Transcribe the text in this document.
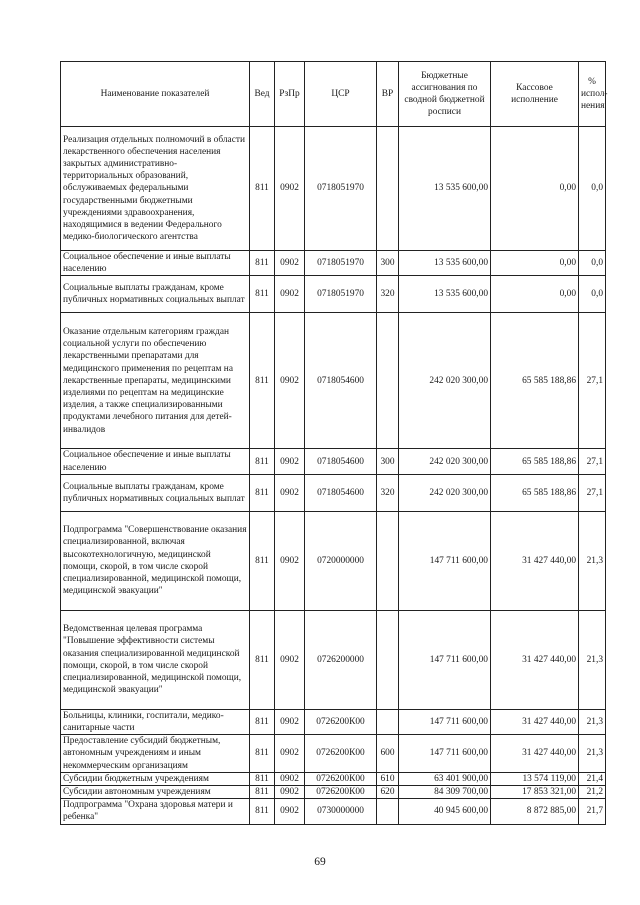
Наименование показателей	Вед	РзПр	ЦСР	ВР	Бюджетные ассигнования по сводной бюджетной росписи	Кассовое исполнение	% испол-нения
Реализация отдельных полномочий в области лекарственного обеспечения населения закрытых административно-территориальных образований, обслуживаемых федеральными государственными бюджетными учреждениями здравоохранения, находящимися в ведении Федерального медико-биологического агентства	811	0902	0718051970		13 535 600,00	0,00	0,0
Социальное обеспечение и иные выплаты населению	811	0902	0718051970	300	13 535 600,00	0,00	0,0
Социальные выплаты гражданам, кроме публичных нормативных социальных выплат	811	0902	0718051970	320	13 535 600,00	0,00	0,0
Оказание отдельным категориям граждан социальной услуги по обеспечению лекарственными препаратами для медицинского применения по рецептам на лекарственные препараты, медицинскими изделиями по рецептам на медицинские изделия, а также специализированными продуктами лечебного питания для детей-инвалидов	811	0902	0718054600		242 020 300,00	65 585 188,86	27,1
Социальное обеспечение и иные выплаты населению	811	0902	0718054600	300	242 020 300,00	65 585 188,86	27,1
Социальные выплаты гражданам, кроме публичных нормативных социальных выплат	811	0902	0718054600	320	242 020 300,00	65 585 188,86	27,1
Подпрограмма "Совершенствование оказания специализированной, включая высокотехнологичную, медицинской помощи, скорой, в том числе скорой специализированной, медицинской помощи, медицинской эвакуации"	811	0902	0720000000		147 711 600,00	31 427 440,00	21,3
Ведомственная целевая программа "Повышение эффективности системы оказания специализированной медицинской помощи, скорой, в том числе скорой специализированной, медицинской помощи, медицинской эвакуации"	811	0902	0726200000		147 711 600,00	31 427 440,00	21,3
Больницы, клиники, госпитали, медико-санитарные части	811	0902	0726200К00		147 711 600,00	31 427 440,00	21,3
Предоставление субсидий бюджетным, автономным учреждениям и иным некоммерческим организациям	811	0902	0726200К00	600	147 711 600,00	31 427 440,00	21,3
Субсидии бюджетным учреждениям	811	0902	0726200К00	610	63 401 900,00	13 574 119,00	21,4
Субсидии автономным учреждениям	811	0902	0726200К00	620	84 309 700,00	17 853 321,00	21,2
Подпрограмма "Охрана здоровья матери и ребенка"	811	0902	0730000000		40 945 600,00	8 872 885,00	21,7
69
